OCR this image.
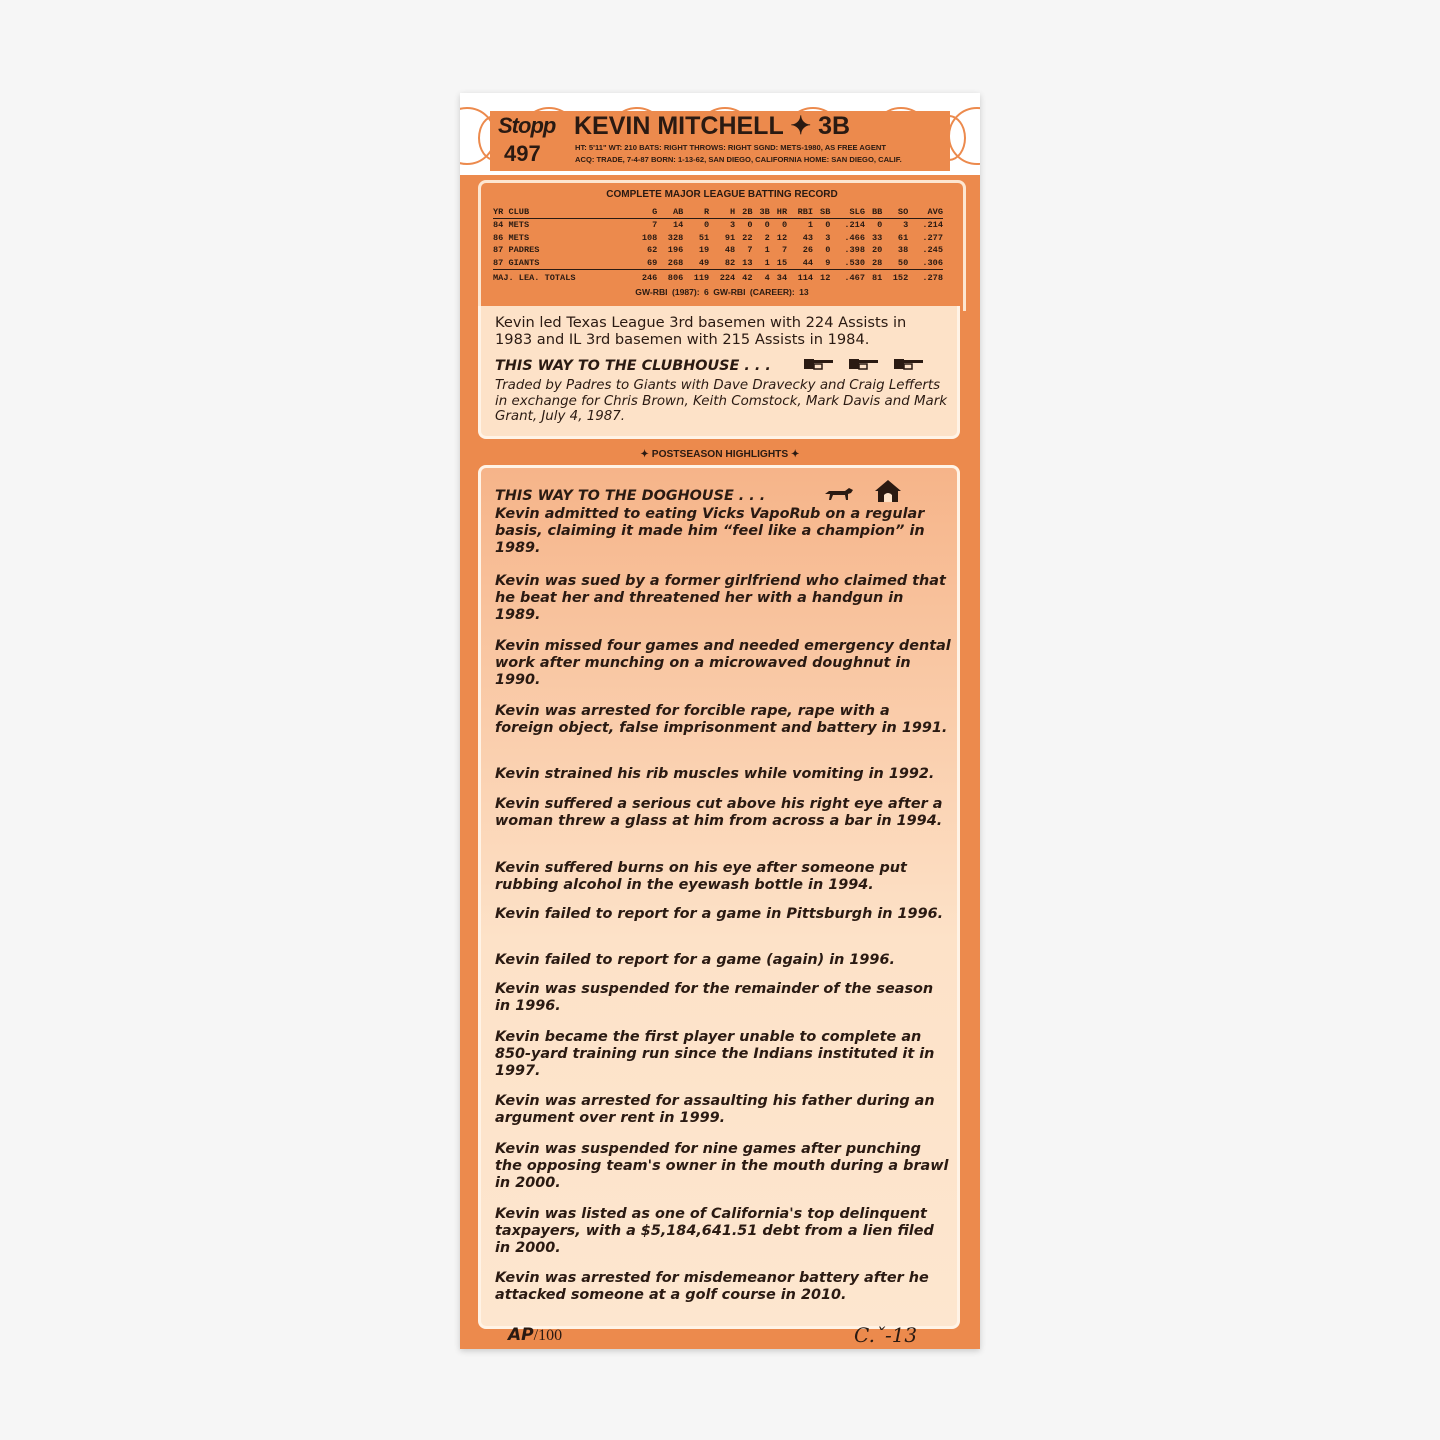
Stopp
497
KEVIN MITCHELL ✦ 3B
HT: 5'11" WT: 210 BATS: RIGHT THROWS: RIGHT SGND: METS-1980, AS FREE AGENT
ACQ: TRADE, 7-4-87 BORN: 1-13-62, SAN DIEGO, CALIFORNIA HOME: SAN DIEGO, CALIF.
COMPLETE MAJOR LEAGUE BATTING RECORD
YR CLUB	G	AB	R	H	2B	3B	HR	RBI	SB	SLG	BB	SO	AVG
84 METS	7	14	0	3	0	0	0	1	0	.214	0	3	.214
86 METS	108	328	51	91	22	2	12	43	3	.466	33	61	.277
87 PADRES	62	196	19	48	7	1	7	26	0	.398	20	38	.245
87 GIANTS	69	268	49	82	13	1	15	44	9	.530	28	50	.306
MAJ. LEA. TOTALS	246	806	119	224	42	4	34	114	12	.467	81	152	.278
GW-RBI (1987): 6 GW-RBI (CAREER): 13
Kevin led Texas League 3rd basemen with 224 Assists in 1983 and IL 3rd basemen with 215 Assists in 1984.
THIS WAY TO THE CLUBHOUSE . . .

Traded by Padres to Giants with Dave Dravecky and Craig Lefferts in exchange for Chris Brown, Keith Comstock, Mark Davis and Mark Grant, July 4, 1987.
✦ POSTSEASON HIGHLIGHTS ✦
THIS WAY TO THE DOGHOUSE . . .

Kevin admitted to eating Vicks VapoRub on a regular basis, claiming it made him “feel like a champion” in 1989.

Kevin was sued by a former girlfriend who claimed that he beat her and threatened her with a handgun in 1989.

Kevin missed four games and needed emergency dental work after munching on a microwaved doughnut in 1990.

Kevin was arrested for forcible rape, rape with a foreign object, false imprisonment and battery in 1991.

Kevin strained his rib muscles while vomiting in 1992.

Kevin suffered a serious cut above his right eye after a woman threw a glass at him from across a bar in 1994.

Kevin suffered burns on his eye after someone put rubbing alcohol in the eyewash bottle in 1994.

Kevin failed to report for a game in Pittsburgh in 1996.

Kevin failed to report for a game (again) in 1996.

Kevin was suspended for the remainder of the season in 1996.

Kevin became the first player unable to complete an 850-yard training run since the Indians instituted it in 1997.

Kevin was arrested for assaulting his father during an argument over rent in 1999.

Kevin was suspended for nine games after punching the opposing team's owner in the mouth during a brawl in 2000.

Kevin was listed as one of California's top delinquent taxpayers, with a $5,184,641.51 debt from a lien filed in 2000.

Kevin was arrested for misdemeanor battery after he attacked someone at a golf course in 2010.

AP/100	C.ˇ-13
